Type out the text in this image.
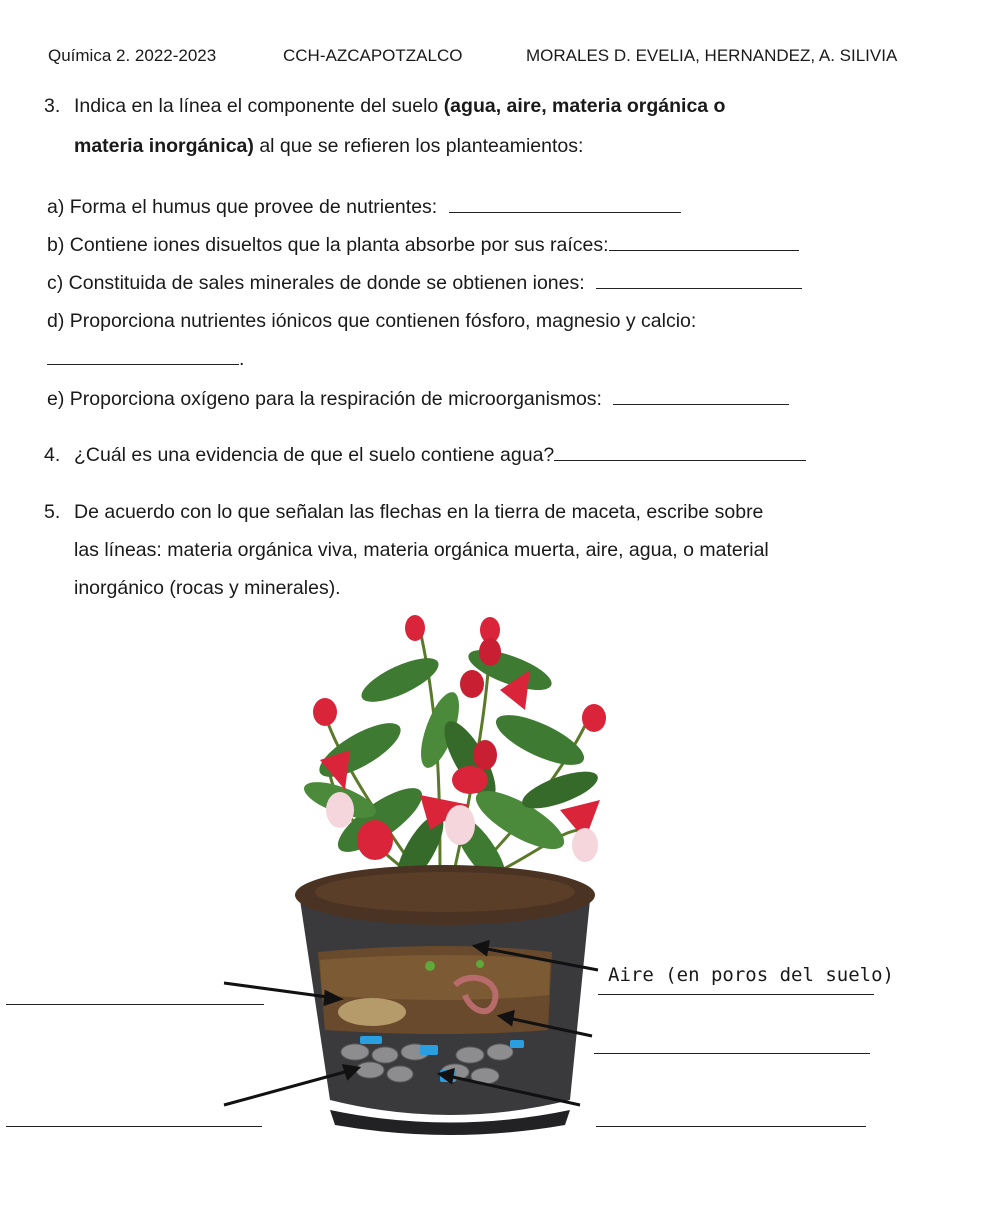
Química 2. 2022-2023	CCH-AZCAPOTZALCO	MORALES D. EVELIA, HERNANDEZ, A. SILIVIA
3. Indica en la línea el componente del suelo (agua, aire, materia orgánica o
materia inorgánica) al que se refieren los planteamientos:
a) Forma el humus que provee de nutrientes:
b) Contiene iones disueltos que la planta absorbe por sus raíces:
c) Constituida de sales minerales de donde se obtienen iones:
d) Proporciona nutrientes iónicos que contienen fósforo, magnesio y calcio:
.
e) Proporciona oxígeno para la respiración de microorganismos:
4. ¿Cuál es una evidencia de que el suelo contiene agua?
5. De acuerdo con lo que señalan las flechas en la tierra de maceta, escribe sobre
las líneas: materia orgánica viva, materia orgánica muerta, aire, agua, o material
inorgánico (rocas y minerales).
Aire (en poros del suelo)
